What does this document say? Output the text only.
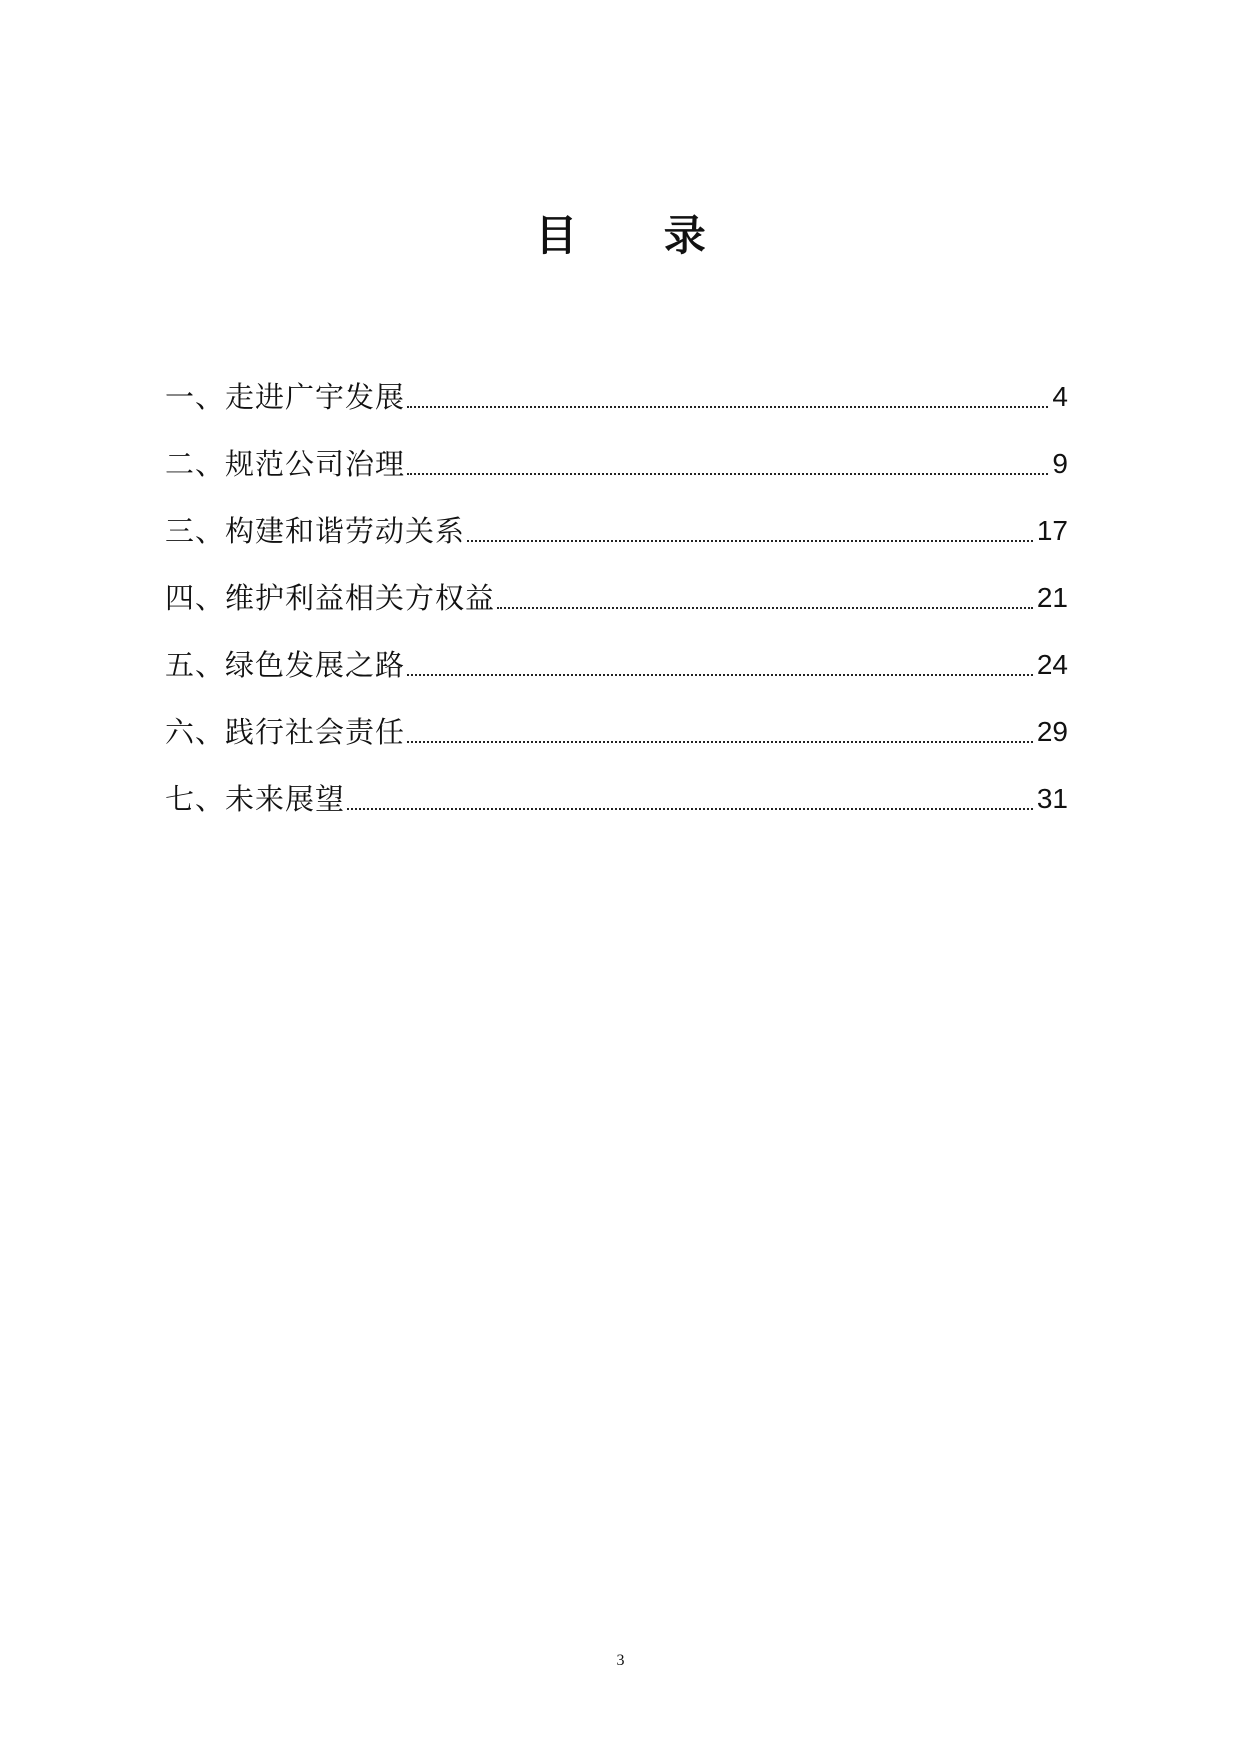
目 录
一、走进广宇发展	4
二、规范公司治理	9
三、构建和谐劳动关系	17
四、维护利益相关方权益	21
五、绿色发展之路	24
六、践行社会责任	29
七、未来展望	31
3
